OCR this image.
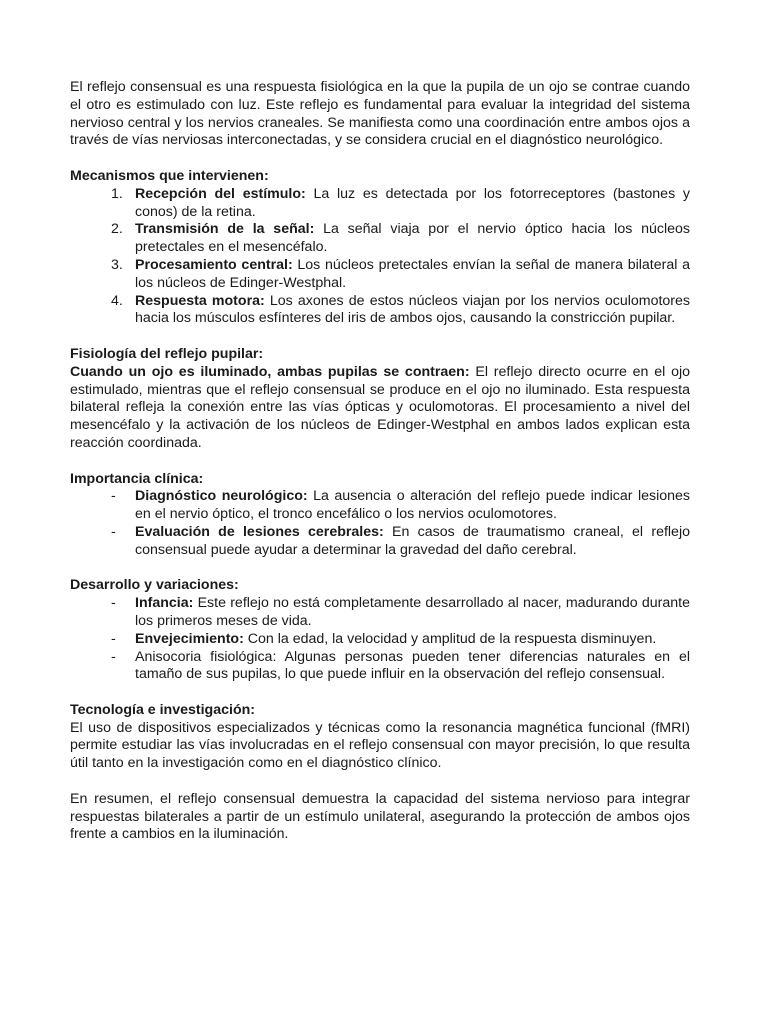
El reflejo consensual es una respuesta fisiológica en la que la pupila de un ojo se contrae cuando el otro es estimulado con luz. Este reflejo es fundamental para evaluar la integridad del sistema nervioso central y los nervios craneales. Se manifiesta como una coordinación entre ambos ojos a través de vías nerviosas interconectadas, y se considera crucial en el diagnóstico neurológico.

Mecanismos que intervienen:
1. Recepción del estímulo: La luz es detectada por los fotorreceptores (bastones y conos) de la retina.
2. Transmisión de la señal: La señal viaja por el nervio óptico hacia los núcleos pretectales en el mesencéfalo.
3. Procesamiento central: Los núcleos pretectales envían la señal de manera bilateral a los núcleos de Edinger-Westphal.
4. Respuesta motora: Los axones de estos núcleos viajan por los nervios oculomotores hacia los músculos esfínteres del iris de ambos ojos, causando la constricción pupilar.
Fisiología del reflejo pupilar:

Cuando un ojo es iluminado, ambas pupilas se contraen: El reflejo directo ocurre en el ojo estimulado, mientras que el reflejo consensual se produce en el ojo no iluminado. Esta respuesta bilateral refleja la conexión entre las vías ópticas y oculomotoras. El procesamiento a nivel del mesencéfalo y la activación de los núcleos de Edinger-Westphal en ambos lados explican esta reacción coordinada.

Importancia clínica:
- Diagnóstico neurológico: La ausencia o alteración del reflejo puede indicar lesiones en el nervio óptico, el tronco encefálico o los nervios oculomotores.
- Evaluación de lesiones cerebrales: En casos de traumatismo craneal, el reflejo consensual puede ayudar a determinar la gravedad del daño cerebral.
Desarrollo y variaciones:
- Infancia: Este reflejo no está completamente desarrollado al nacer, madurando durante los primeros meses de vida.
- Envejecimiento: Con la edad, la velocidad y amplitud de la respuesta disminuyen.
- Anisocoria fisiológica: Algunas personas pueden tener diferencias naturales en el tamaño de sus pupilas, lo que puede influir en la observación del reflejo consensual.
Tecnología e investigación:

El uso de dispositivos especializados y técnicas como la resonancia magnética funcional (fMRI) permite estudiar las vías involucradas en el reflejo consensual con mayor precisión, lo que resulta útil tanto en la investigación como en el diagnóstico clínico.

En resumen, el reflejo consensual demuestra la capacidad del sistema nervioso para integrar respuestas bilaterales a partir de un estímulo unilateral, asegurando la protección de ambos ojos frente a cambios en la iluminación.
